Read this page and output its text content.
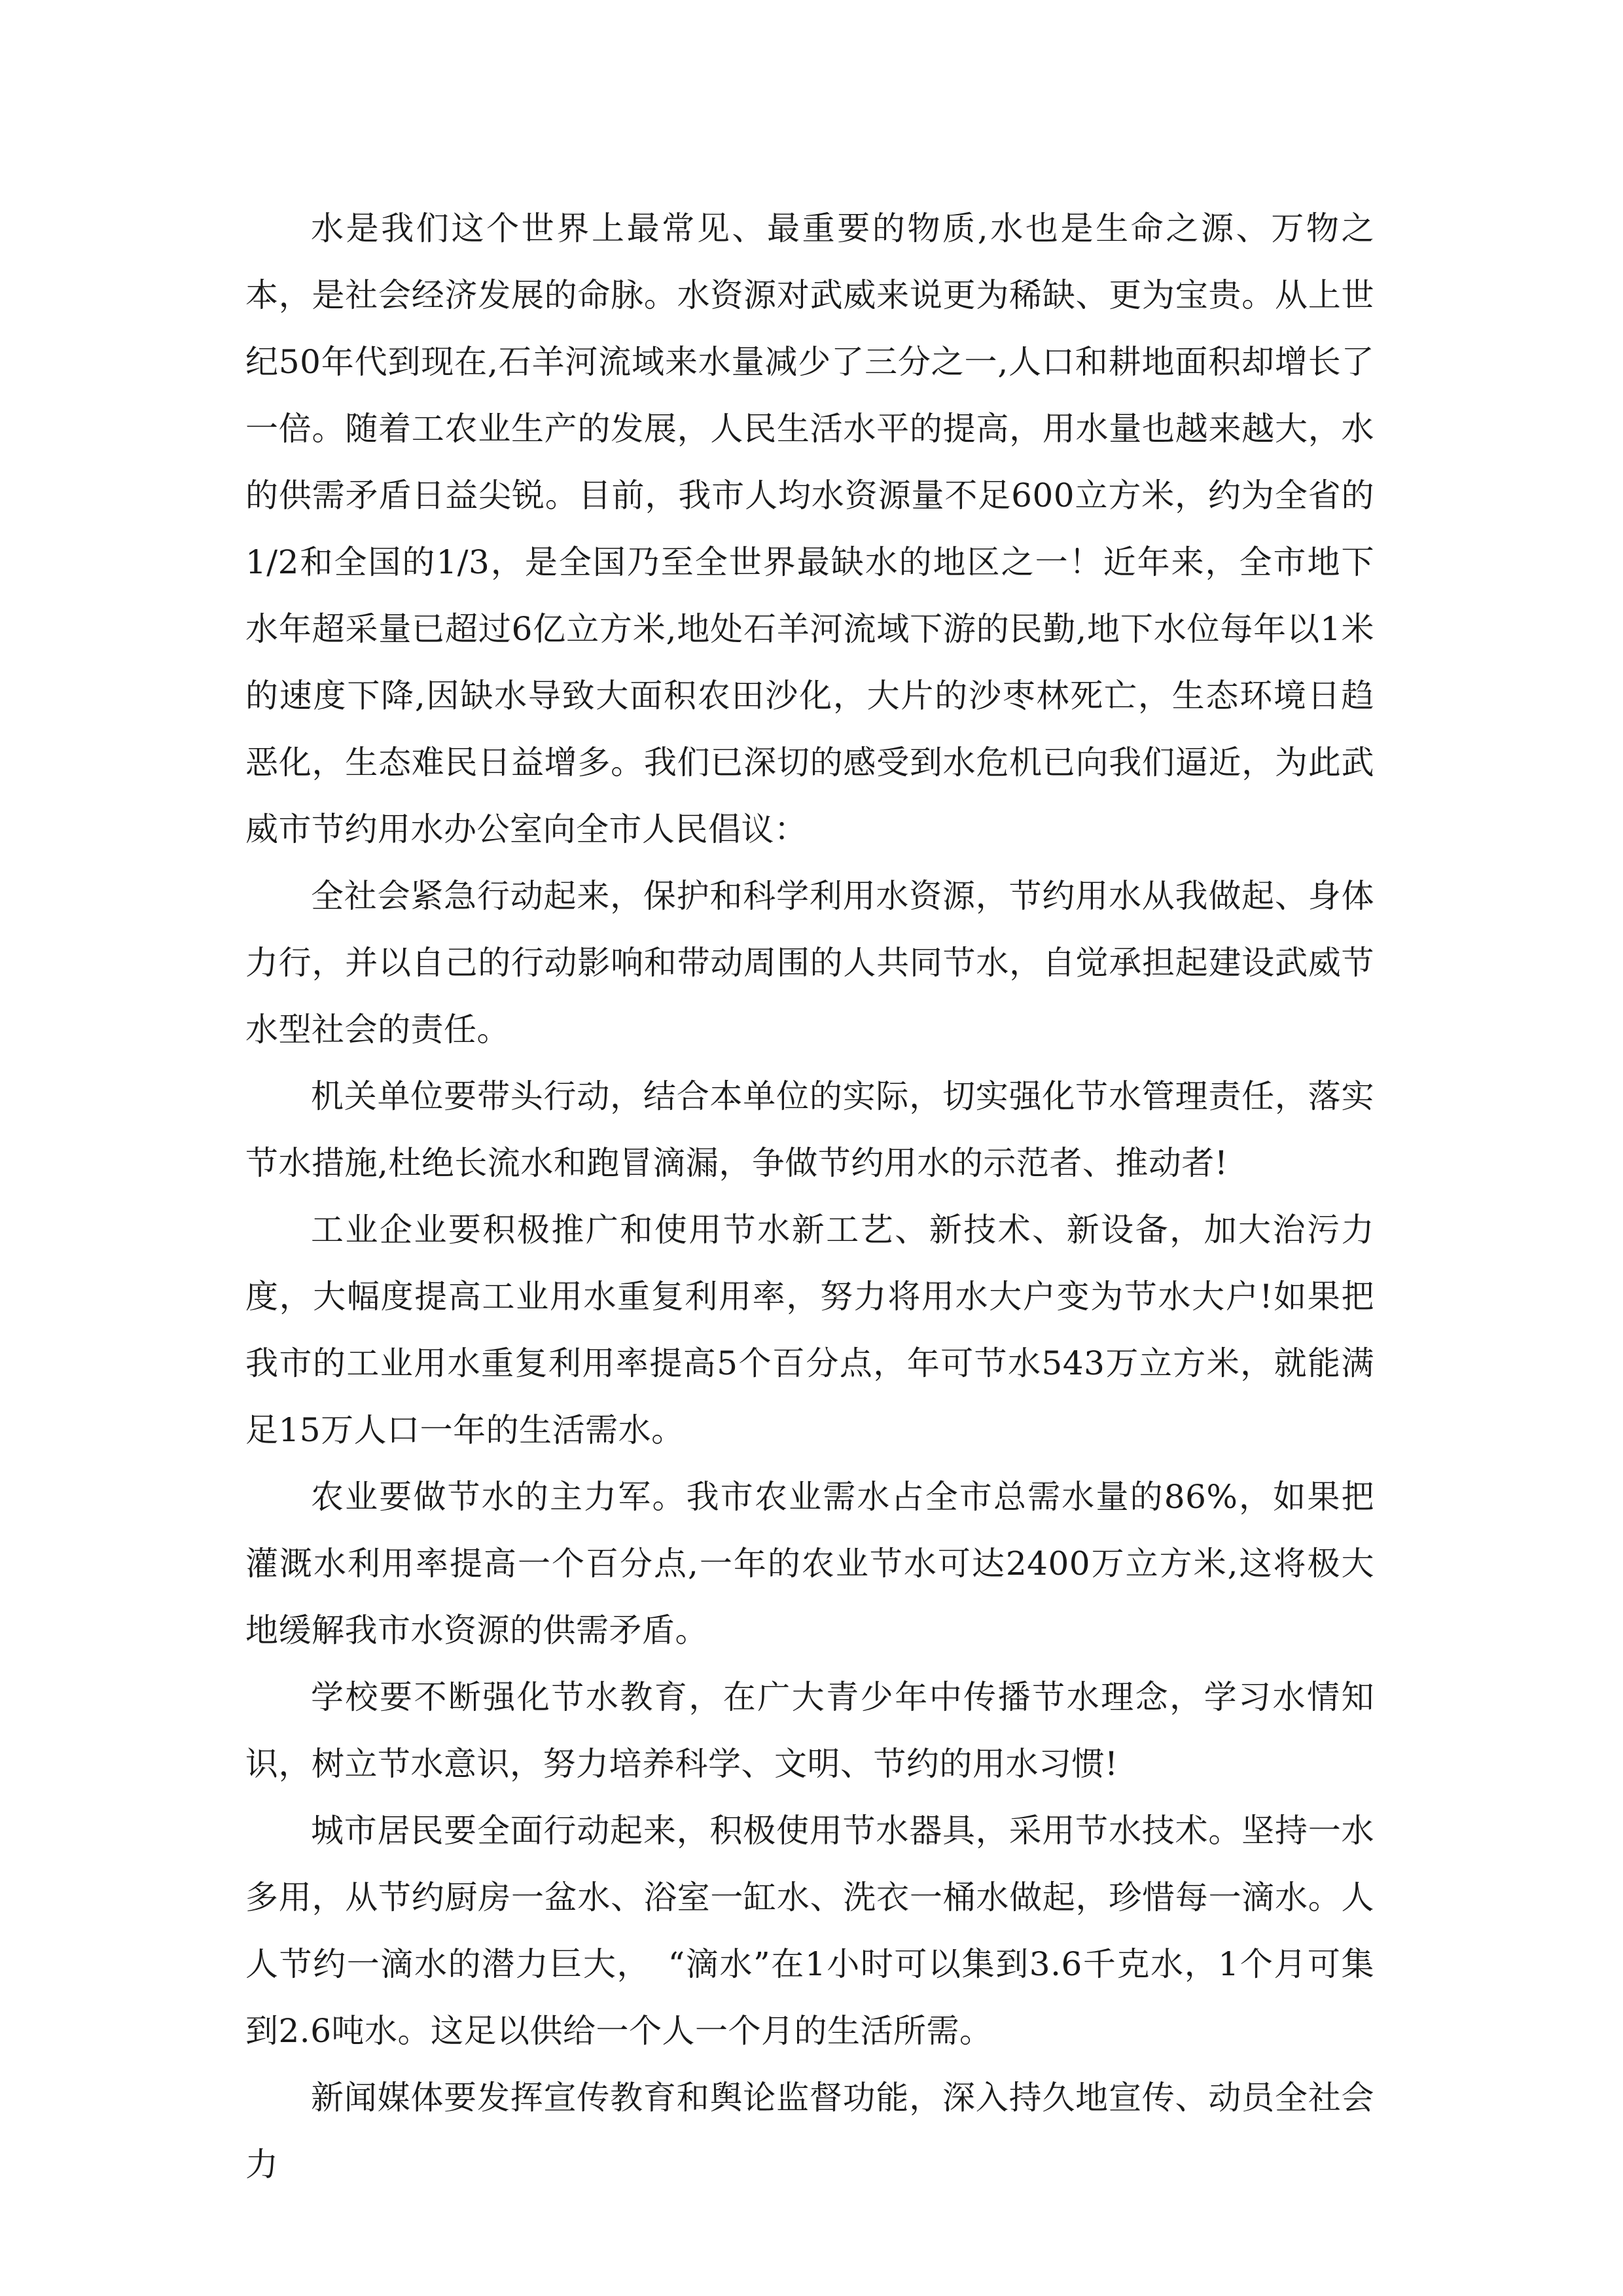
水是我们这个世界上最常见、最重要的物质,水也是生命之源、万物之本，是社会经济发展的命脉。水资源对武威来说更为稀缺、更为宝贵。从上世纪50年代到现在,石羊河流域来水量减少了三分之一,人口和耕地面积却增长了一倍。随着工农业生产的发展，人民生活水平的提高，用水量也越来越大，水的供需矛盾日益尖锐。目前，我市人均水资源量不足600立方米，约为全省的1/2和全国的1/3，是全国乃至全世界最缺水的地区之一！近年来，全市地下水年超采量已超过6亿立方米,地处石羊河流域下游的民勤,地下水位每年以1米的速度下降,因缺水导致大面积农田沙化，大片的沙枣林死亡，生态环境日趋恶化，生态难民日益增多。我们已深切的感受到水危机已向我们逼近，为此武威市节约用水办公室向全市人民倡议：

全社会紧急行动起来，保护和科学利用水资源，节约用水从我做起、身体力行，并以自己的行动影响和带动周围的人共同节水，自觉承担起建设武威节水型社会的责任。

机关单位要带头行动，结合本单位的实际，切实强化节水管理责任，落实节水措施,杜绝长流水和跑冒滴漏，争做节约用水的示范者、推动者!

工业企业要积极推广和使用节水新工艺、新技术、新设备，加大治污力度，大幅度提高工业用水重复利用率，努力将用水大户变为节水大户!如果把我市的工业用水重复利用率提高5个百分点，年可节水543万立方米，就能满足15万人口一年的生活需水。

农业要做节水的主力军。我市农业需水占全市总需水量的86%，如果把灌溉水利用率提高一个百分点,一年的农业节水可达2400万立方米,这将极大地缓解我市水资源的供需矛盾。

学校要不断强化节水教育，在广大青少年中传播节水理念，学习水情知识，树立节水意识，努力培养科学、文明、节约的用水习惯!

城市居民要全面行动起来，积极使用节水器具，采用节水技术。坚持一水多用，从节约厨房一盆水、浴室一缸水、洗衣一桶水做起，珍惜每一滴水。人人节约一滴水的潜力巨大，　“滴水”在1小时可以集到3.6千克水，1个月可集到2.6吨水。这足以供给一个人一个月的生活所需。

新闻媒体要发挥宣传教育和舆论监督功能，深入持久地宣传、动员全社会力
